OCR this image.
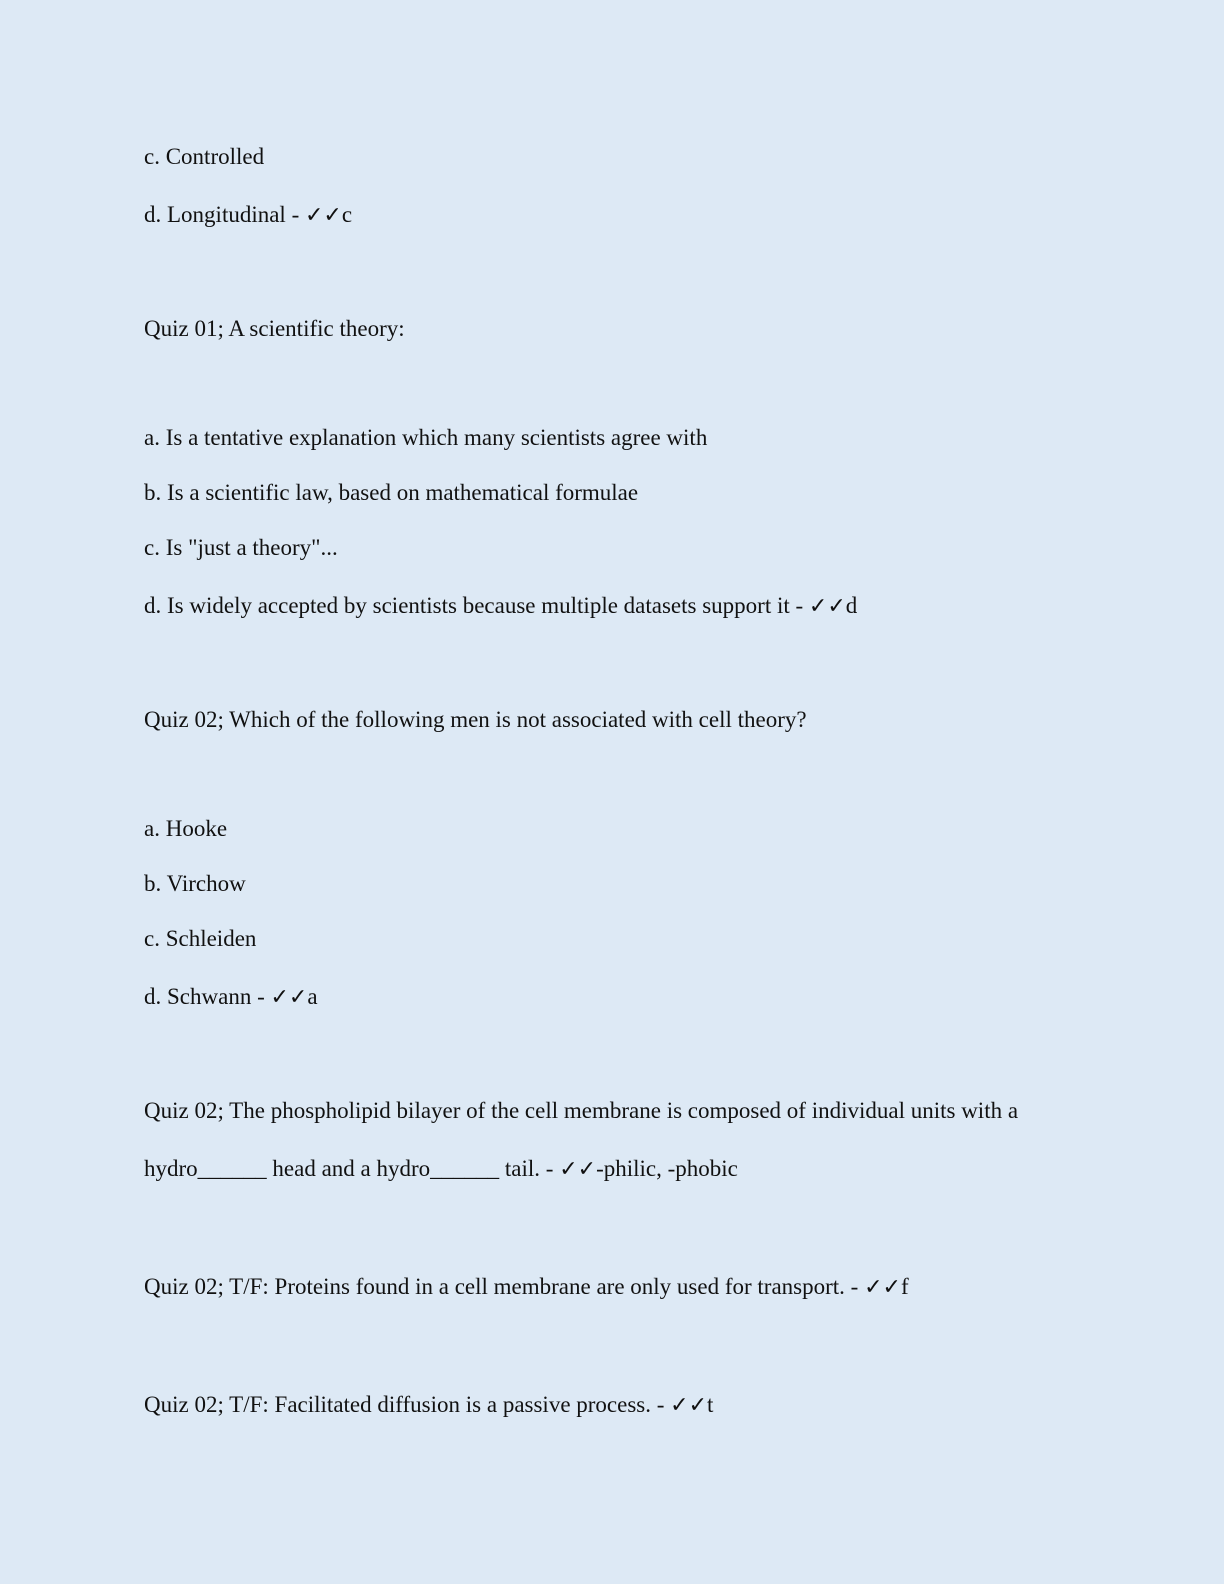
c. Controlled
d. Longitudinal - ✓✓c
Quiz 01; A scientific theory:
a. Is a tentative explanation which many scientists agree with
b. Is a scientific law, based on mathematical formulae
c. Is "just a theory"...
d. Is widely accepted by scientists because multiple datasets support it - ✓✓d
Quiz 02; Which of the following men is not associated with cell theory?
a. Hooke
b. Virchow
c. Schleiden
d. Schwann - ✓✓a
Quiz 02; The phospholipid bilayer of the cell membrane is composed of individual units with a
hydro______ head and a hydro______ tail. - ✓✓-philic, -phobic
Quiz 02; T/F: Proteins found in a cell membrane are only used for transport. - ✓✓f
Quiz 02; T/F: Facilitated diffusion is a passive process. - ✓✓t
